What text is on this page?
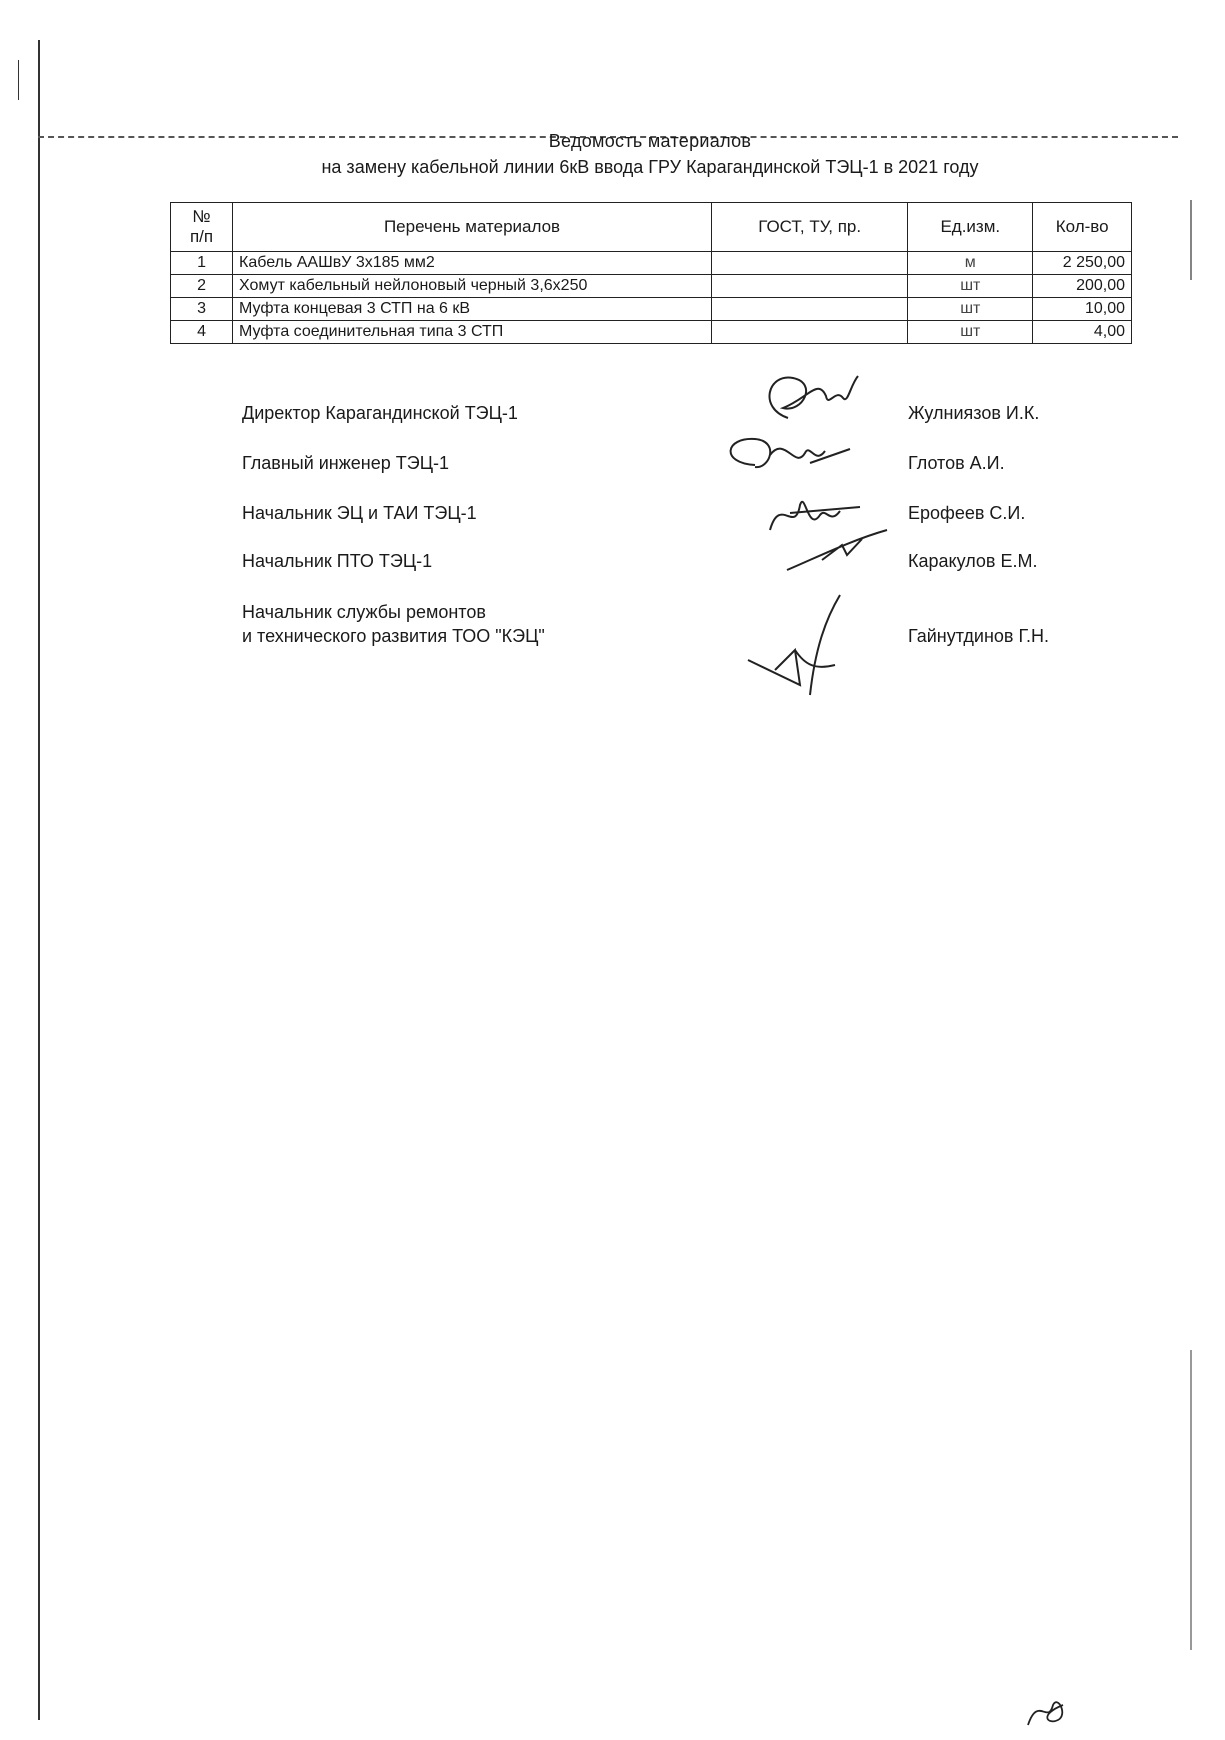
Ведомость материалов
на замену кабельной линии 6кВ ввода ГРУ Карагандинской ТЭЦ-1 в 2021 году
№
п/п	Перечень материалов	ГОСТ, ТУ, пр.	Ед.изм.	Кол-во
1	Кабель ААШвУ 3х185 мм2		м	2 250,00
2	Хомут кабельный нейлоновый черный 3,6х250		шт	200,00
3	Муфта концевая 3 СТП на 6 кВ		шт	10,00
4	Муфта соединительная типа 3 СТП		шт	4,00
Директор Карагандинской ТЭЦ-1	Жулниязов И.К.
Главный инженер ТЭЦ-1	Глотов А.И.
Начальник ЭЦ и ТАИ ТЭЦ-1	Ерофеев С.И.
Начальник ПТО ТЭЦ-1	Каракулов Е.М.
Начальник службы ремонтов
и технического развития ТОО "КЭЦ"	Гайнутдинов Г.Н.
